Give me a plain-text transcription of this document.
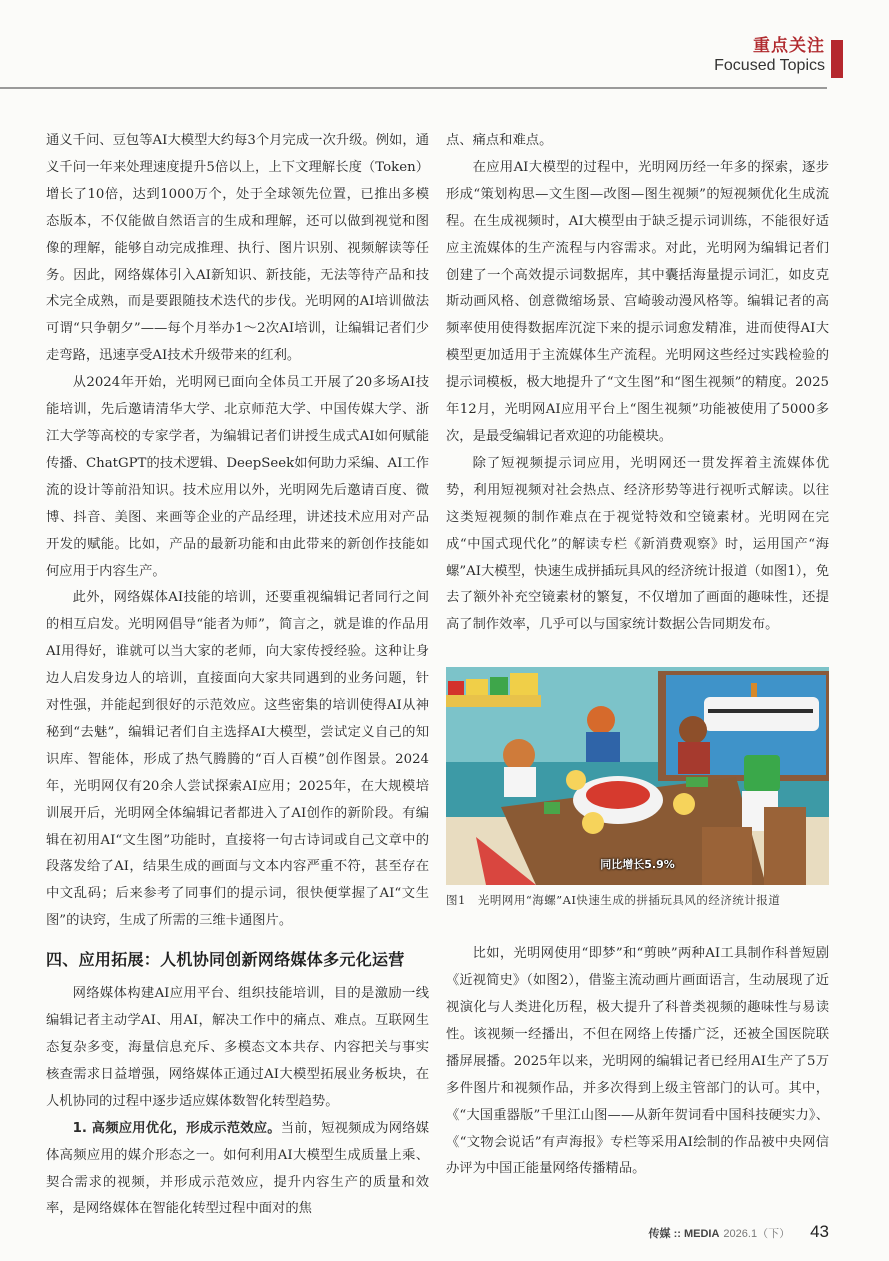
重点关注
Focused Topics

通义千问、豆包等AI大模型大约每3个月完成一次升级。例如，通义千问一年来处理速度提升5倍以上，上下文理解长度（Token）增长了10倍，达到1000万个，处于全球领先位置，已推出多模态版本，不仅能做自然语言的生成和理解，还可以做到视觉和图像的理解，能够自动完成推理、执行、图片识别、视频解读等任务。因此，网络媒体引入AI新知识、新技能，无法等待产品和技术完全成熟，而是要跟随技术迭代的步伐。光明网的AI培训做法可谓“只争朝夕”——每个月举办1～2次AI培训，让编辑记者们少走弯路，迅速享受AI技术升级带来的红利。

从2024年开始，光明网已面向全体员工开展了20多场AI技能培训，先后邀请清华大学、北京师范大学、中国传媒大学、浙江大学等高校的专家学者，为编辑记者们讲授生成式AI如何赋能传播、ChatGPT的技术逻辑、DeepSeek如何助力采编、AI工作流的设计等前沿知识。技术应用以外，光明网先后邀请百度、微博、抖音、美图、来画等企业的产品经理，讲述技术应用对产品开发的赋能。比如，产品的最新功能和由此带来的新创作技能如何应用于内容生产。

此外，网络媒体AI技能的培训，还要重视编辑记者同行之间的相互启发。光明网倡导“能者为师”，简言之，就是谁的作品用AI用得好，谁就可以当大家的老师，向大家传授经验。这种让身边人启发身边人的培训，直接面向大家共同遇到的业务问题，针对性强，并能起到很好的示范效应。这些密集的培训使得AI从神秘到“去魅”，编辑记者们自主选择AI大模型，尝试定义自己的知识库、智能体，形成了热气腾腾的“百人百模”创作图景。2024年，光明网仅有20余人尝试探索AI应用；2025年，在大规模培训展开后，光明网全体编辑记者都进入了AI创作的新阶段。有编辑在初用AI“文生图”功能时，直接将一句古诗词或自己文章中的段落发给了AI，结果生成的画面与文本内容严重不符，甚至存在中文乱码；后来参考了同事们的提示词，很快便掌握了AI“文生图”的诀窍，生成了所需的三维卡通图片。

四、应用拓展：人机协同创新网络媒体多元化运营

网络媒体构建AI应用平台、组织技能培训，目的是激励一线编辑记者主动学AI、用AI，解决工作中的痛点、难点。互联网生态复杂多变，海量信息充斥、多模态文本共存、内容把关与事实核查需求日益增强，网络媒体正通过AI大模型拓展业务板块，在人机协同的过程中逐步适应媒体数智化转型趋势。

1. 高频应用优化，形成示范效应。当前，短视频成为网络媒体高频应用的媒介形态之一。如何利用AI大模型生成质量上乘、契合需求的视频，并形成示范效应，提升内容生产的质量和效率，是网络媒体在智能化转型过程中面对的焦

点、痛点和难点。

在应用AI大模型的过程中，光明网历经一年多的探索，逐步形成“策划构思—文生图—改图—图生视频”的短视频优化生成流程。在生成视频时，AI大模型由于缺乏提示词训练，不能很好适应主流媒体的生产流程与内容需求。对此，光明网为编辑记者们创建了一个高效提示词数据库，其中囊括海量提示词汇，如皮克斯动画风格、创意微缩场景、宫崎骏动漫风格等。编辑记者的高频率使用使得数据库沉淀下来的提示词愈发精准，进而使得AI大模型更加适用于主流媒体生产流程。光明网这些经过实践检验的提示词模板，极大地提升了“文生图”和“图生视频”的精度。2025年12月，光明网AI应用平台上“图生视频”功能被使用了5000多次，是最受编辑记者欢迎的功能模块。

除了短视频提示词应用，光明网还一贯发挥着主流媒体优势，利用短视频对社会热点、经济形势等进行视听式解读。以往这类短视频的制作难点在于视觉特效和空镜素材。光明网在完成“中国式现代化”的解读专栏《新消费观察》时，运用国产“海螺”AI大模型，快速生成拼插玩具风的经济统计报道（如图1），免去了额外补充空镜素材的繁复，不仅增加了画面的趣味性，还提高了制作效率，几乎可以与国家统计数据公告同期发布。

同比增长5.9%
图1　光明网用“海螺”AI快速生成的拼插玩具风的经济统计报道

比如，光明网使用“即梦”和“剪映”两种AI工具制作科普短剧《近视简史》（如图2），借鉴主流动画片画面语言，生动展现了近视演化与人类进化历程，极大提升了科普类视频的趣味性与易读性。该视频一经播出，不但在网络上传播广泛，还被全国医院联播屏展播。2025年以来，光明网的编辑记者已经用AI生产了5万多件图片和视频作品，并多次得到上级主管部门的认可。其中，《“大国重器版”千里江山图——从新年贺词看中国科技硬实力》、《“文物会说话”有声海报》专栏等采用AI绘制的作品被中央网信办评为中国正能量网络传播精品。

传媒 :: MEDIA 2026.1（下） 43
